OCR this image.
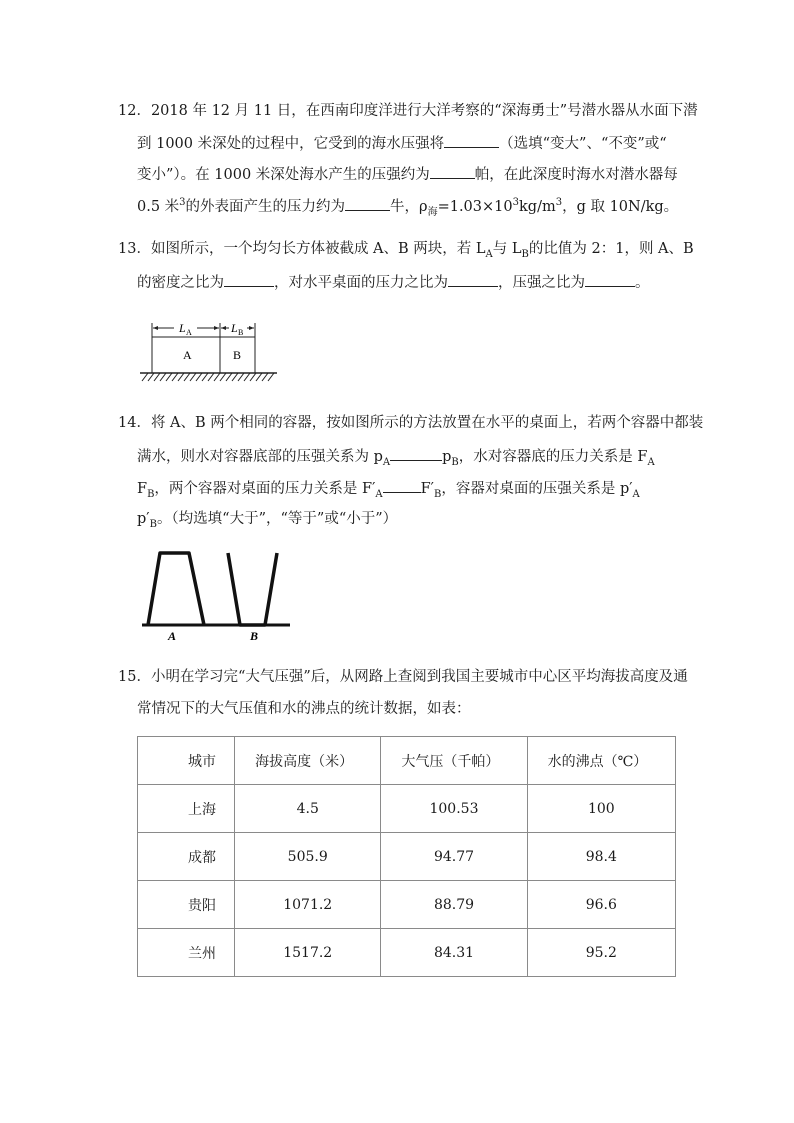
12．2018 年 12 月 11 日，在西南印度洋进行大洋考察的“深海勇士”号潜水器从水面下潜
到 1000 米深处的过程中，它受到的海水压强将	（选填“变大”、“不变”或“
变小”）。在 1000 米深处海水产生的压强约为	帕，在此深度时海水对潜水器每
0.5 米$^3$的外表面产生的压力约为	牛，$\rho_海=1.03\times 10^3kg/m^3$，g 取 10N/kg。
13．如图所示，一个均匀长方体被截成 A、B 两块，若 $L_A$与 $L_B$的比值为 2：1，则 A、B
的密度之比为	，对水平桌面的压力之比为	，压强之比为	。
L A	L B
A	B
14．将 A、B 两个相同的容器，按如图所示的方法放置在水平的桌面上，若两个容器中都装
满水，则水对容器底部的压强关系为 $p_A$	$p_B$，水对容器底的压力关系是 $F_A$
$F_B$，两个容器对桌面的压力关系是 $F'_A$	$F'_B$，容器对桌面的压强关系是 $p'_A$
$p'_B$。（均选填“大于”，“等于”或“小于”）
A	B
15．小明在学习完“大气压强”后，从网路上查阅到我国主要城市中心区平均海拔高度及通
常情况下的大气压值和水的沸点的统计数据，如表：
城市	海拔高度（米）	大气压（千帕）	水的沸点（℃）
上海	4.5	100.53	100
成都	505.9	94.77	98.4
贵阳	1071.2	88.79	96.6
兰州	1517.2	84.31	95.2
